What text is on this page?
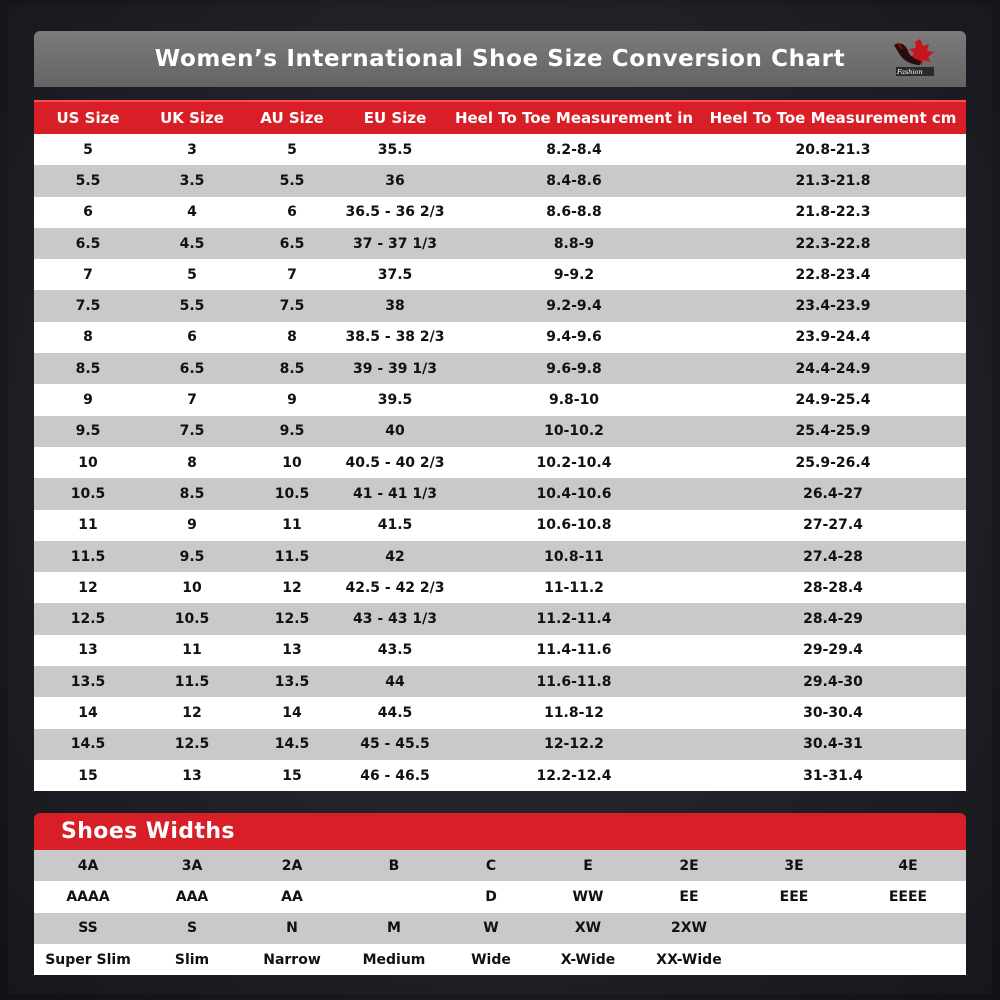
Women’s International Shoe Size Conversion Chart	Fashion
US Size	UK Size	AU Size	EU Size	Heel To Toe Measurement in	Heel To Toe Measurement cm
5	3	5	35.5	8.2-8.4	20.8-21.3
5.5	3.5	5.5	36	8.4-8.6	21.3-21.8
6	4	6	36.5 - 36 2/3	8.6-8.8	21.8-22.3
6.5	4.5	6.5	37 - 37 1/3	8.8-9	22.3-22.8
7	5	7	37.5	9-9.2	22.8-23.4
7.5	5.5	7.5	38	9.2-9.4	23.4-23.9
8	6	8	38.5 - 38 2/3	9.4-9.6	23.9-24.4
8.5	6.5	8.5	39 - 39 1/3	9.6-9.8	24.4-24.9
9	7	9	39.5	9.8-10	24.9-25.4
9.5	7.5	9.5	40	10-10.2	25.4-25.9
10	8	10	40.5 - 40 2/3	10.2-10.4	25.9-26.4
10.5	8.5	10.5	41 - 41 1/3	10.4-10.6	26.4-27
11	9	11	41.5	10.6-10.8	27-27.4
11.5	9.5	11.5	42	10.8-11	27.4-28
12	10	12	42.5 - 42 2/3	11-11.2	28-28.4
12.5	10.5	12.5	43 - 43 1/3	11.2-11.4	28.4-29
13	11	13	43.5	11.4-11.6	29-29.4
13.5	11.5	13.5	44	11.6-11.8	29.4-30
14	12	14	44.5	11.8-12	30-30.4
14.5	12.5	14.5	45 - 45.5	12-12.2	30.4-31
15	13	15	46 - 46.5	12.2-12.4	31-31.4
Shoes Widths
4A	3A	2A	B	C	E	2E	3E	4E
AAAA	AAA	AA		D	WW	EE	EEE	EEEE
SS	S	N	M	W	XW	2XW		
Super Slim	Slim	Narrow	Medium	Wide	X-Wide	XX-Wide		
